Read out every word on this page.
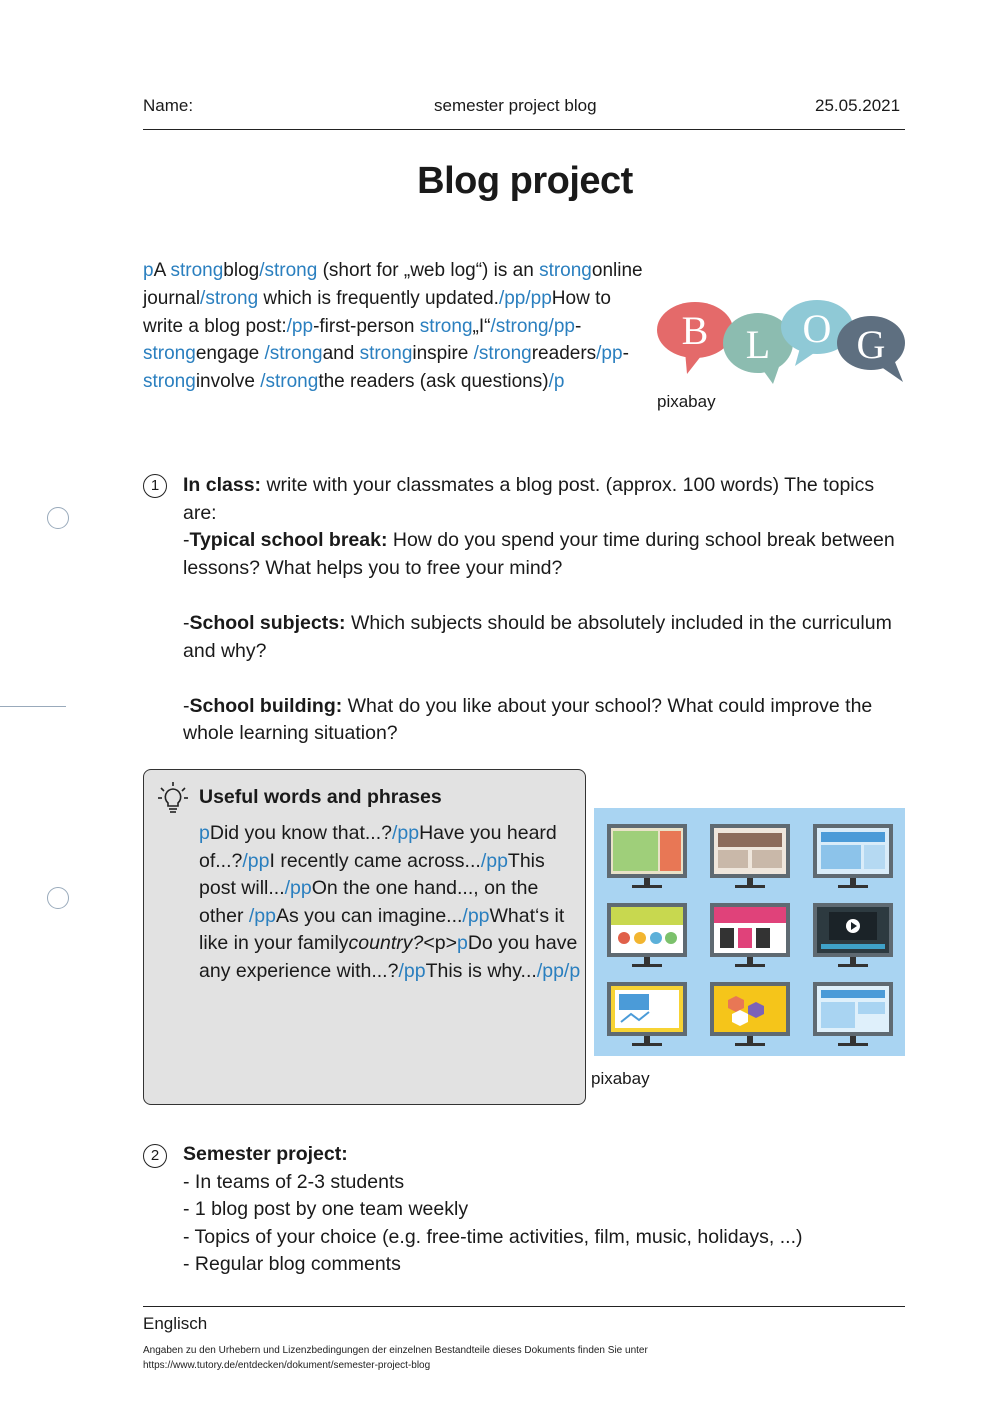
Name:	semester project blog	25.05.2021
Blog project
pA strongblog/strong (short for „web log“) is an strongonline journal/strong which is frequently updated./pp/ppHow to write a blog post:/pp-first-person strong„I“/strong/pp-strongengage /strongand stronginspire /strongreaders/pp-stronginvolve /strongthe readers (ask questions)/p
B L O G
pixabay
1	In class: write with your classmates a blog post. (approx. 100 words) The topics are:
-Typical school break: How do you spend your time during school break between lessons? What helps you to free your mind?
-School subjects: Which subjects should be absolutely included in the curriculum and why?
-School building: What do you like about your school? What could improve the whole learning situation?
Useful words and phrases
pDid you know that...?/ppHave you heard of...?/ppI recently came across.../ppThis post will.../ppOn the one hand..., on the other /ppAs you can imagine.../ppWhat‘s it like in your familycountry?<p>pDo you have any experience with...?/ppThis is why.../pp/p
pixabay
2	Semester project:
- In teams of 2-3 students
- 1 blog post by one team weekly
- Topics of your choice (e.g. free-time activities, film, music, holidays, ...)
- Regular blog comments
Englisch
Angaben zu den Urhebern und Lizenzbedingungen der einzelnen Bestandteile dieses Dokuments finden Sie unter
https://www.tutory.de/entdecken/dokument/semester-project-blog
